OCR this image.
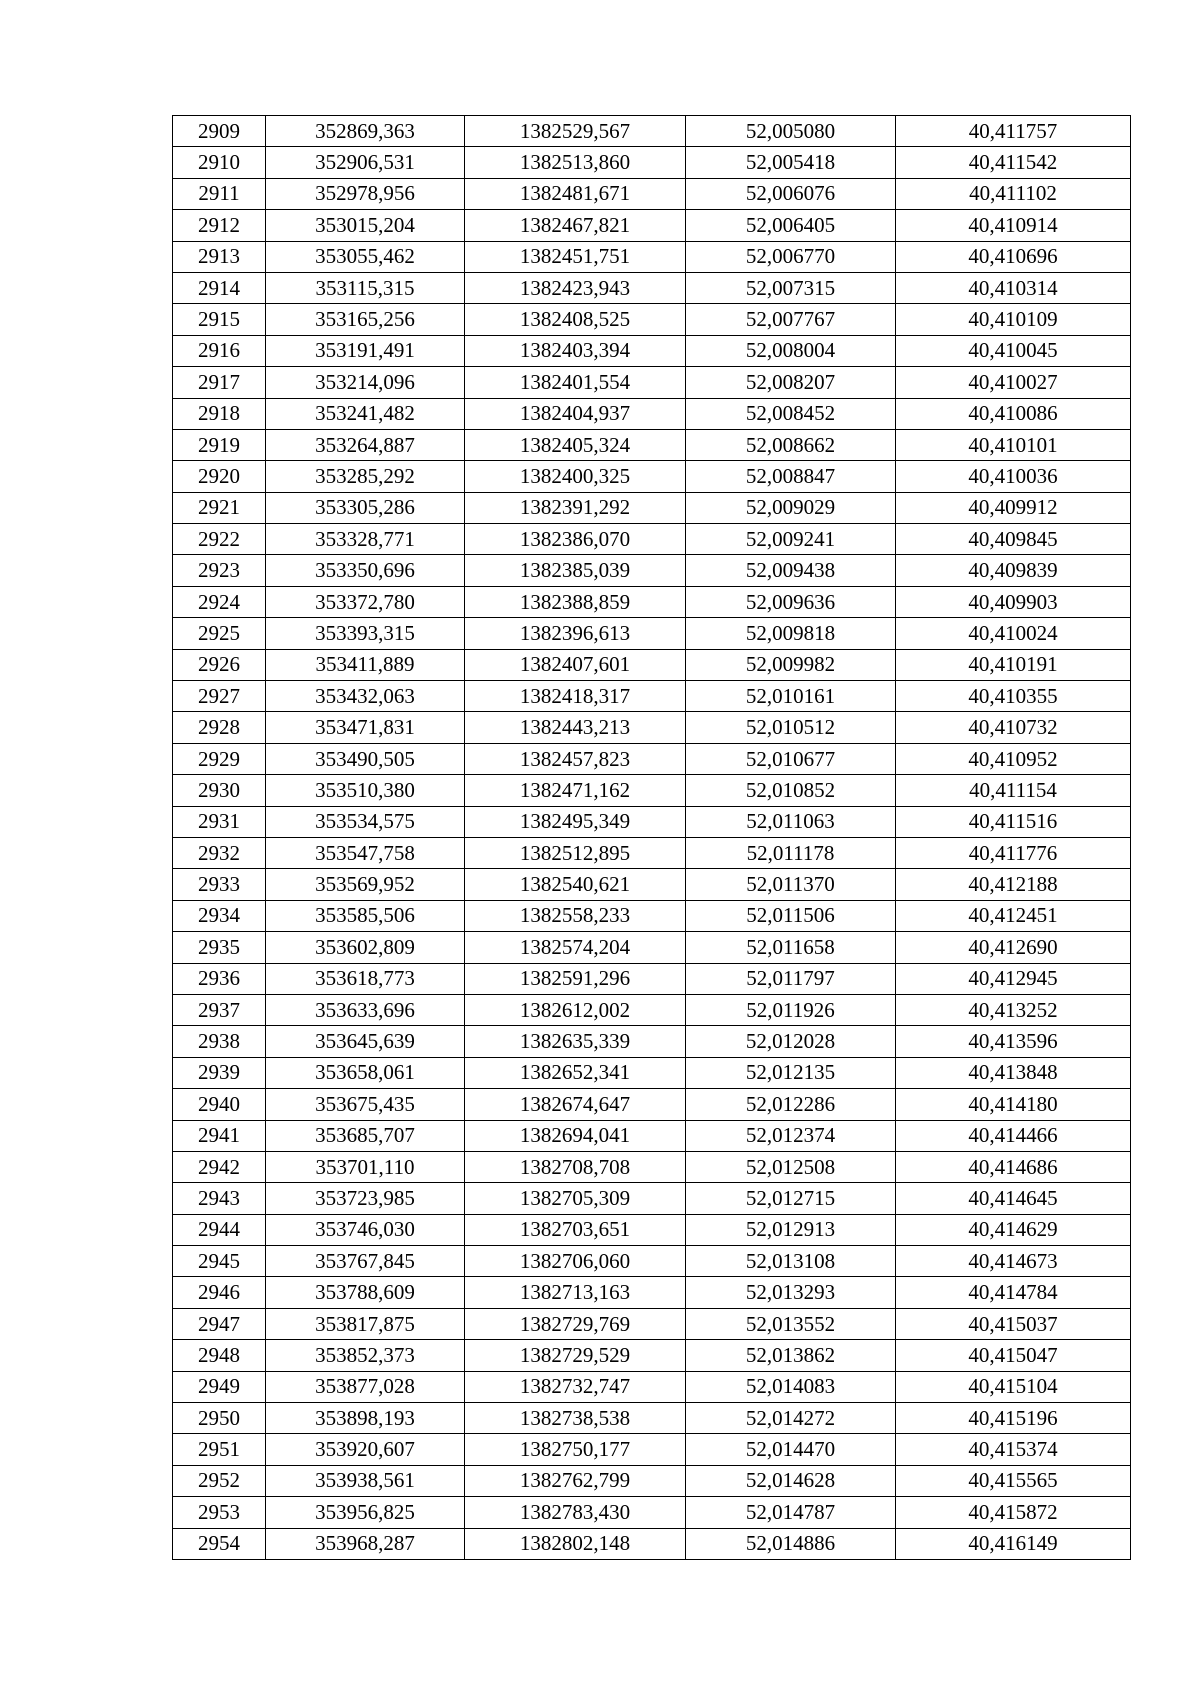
2909	352869,363	1382529,567	52,005080	40,411757
2910	352906,531	1382513,860	52,005418	40,411542
2911	352978,956	1382481,671	52,006076	40,411102
2912	353015,204	1382467,821	52,006405	40,410914
2913	353055,462	1382451,751	52,006770	40,410696
2914	353115,315	1382423,943	52,007315	40,410314
2915	353165,256	1382408,525	52,007767	40,410109
2916	353191,491	1382403,394	52,008004	40,410045
2917	353214,096	1382401,554	52,008207	40,410027
2918	353241,482	1382404,937	52,008452	40,410086
2919	353264,887	1382405,324	52,008662	40,410101
2920	353285,292	1382400,325	52,008847	40,410036
2921	353305,286	1382391,292	52,009029	40,409912
2922	353328,771	1382386,070	52,009241	40,409845
2923	353350,696	1382385,039	52,009438	40,409839
2924	353372,780	1382388,859	52,009636	40,409903
2925	353393,315	1382396,613	52,009818	40,410024
2926	353411,889	1382407,601	52,009982	40,410191
2927	353432,063	1382418,317	52,010161	40,410355
2928	353471,831	1382443,213	52,010512	40,410732
2929	353490,505	1382457,823	52,010677	40,410952
2930	353510,380	1382471,162	52,010852	40,411154
2931	353534,575	1382495,349	52,011063	40,411516
2932	353547,758	1382512,895	52,011178	40,411776
2933	353569,952	1382540,621	52,011370	40,412188
2934	353585,506	1382558,233	52,011506	40,412451
2935	353602,809	1382574,204	52,011658	40,412690
2936	353618,773	1382591,296	52,011797	40,412945
2937	353633,696	1382612,002	52,011926	40,413252
2938	353645,639	1382635,339	52,012028	40,413596
2939	353658,061	1382652,341	52,012135	40,413848
2940	353675,435	1382674,647	52,012286	40,414180
2941	353685,707	1382694,041	52,012374	40,414466
2942	353701,110	1382708,708	52,012508	40,414686
2943	353723,985	1382705,309	52,012715	40,414645
2944	353746,030	1382703,651	52,012913	40,414629
2945	353767,845	1382706,060	52,013108	40,414673
2946	353788,609	1382713,163	52,013293	40,414784
2947	353817,875	1382729,769	52,013552	40,415037
2948	353852,373	1382729,529	52,013862	40,415047
2949	353877,028	1382732,747	52,014083	40,415104
2950	353898,193	1382738,538	52,014272	40,415196
2951	353920,607	1382750,177	52,014470	40,415374
2952	353938,561	1382762,799	52,014628	40,415565
2953	353956,825	1382783,430	52,014787	40,415872
2954	353968,287	1382802,148	52,014886	40,416149
